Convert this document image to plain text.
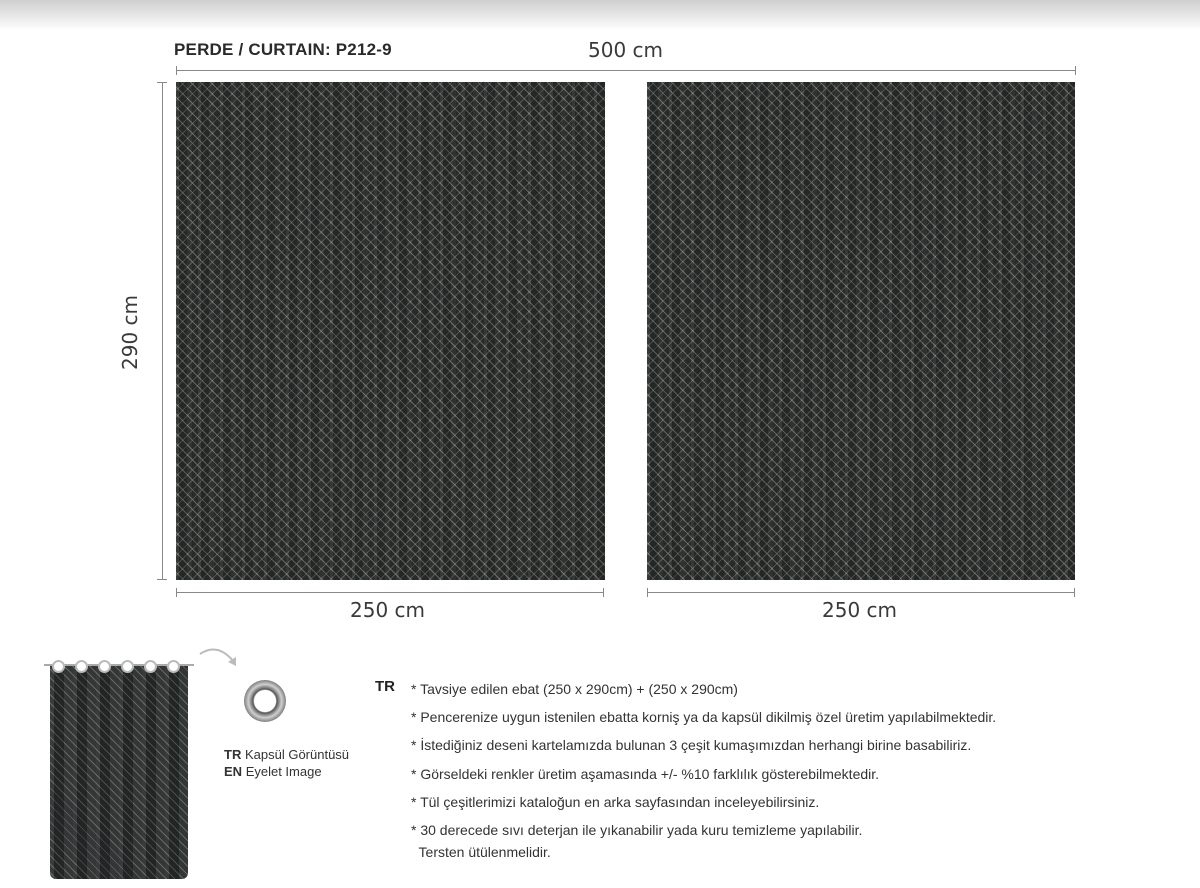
PERDE / CURTAIN: P212-9	500 cm
290 cm
250 cm	250 cm
TR Kapsül Görüntüsü
EN Eyelet Image
TR * Tavsiye edilen ebat (250 x 290cm) + (250 x 290cm)
* Pencerenize uygun istenilen ebatta korniş ya da kapsül dikilmiş özel üretim yapılabilmektedir.
* İstediğiniz deseni kartelamızda bulunan 3 çeşit kumaşımızdan herhangi birine basabiliriz.
* Görseldeki renkler üretim aşamasında +/- %10 farklılık gösterebilmektedir.
* Tül çeşitlerimizi kataloğun en arka sayfasından inceleyebilirsiniz.
* 30 derecede sıvı deterjan ile yıkanabilir yada kuru temizleme yapılabilir.
Tersten ütülenmelidir.
